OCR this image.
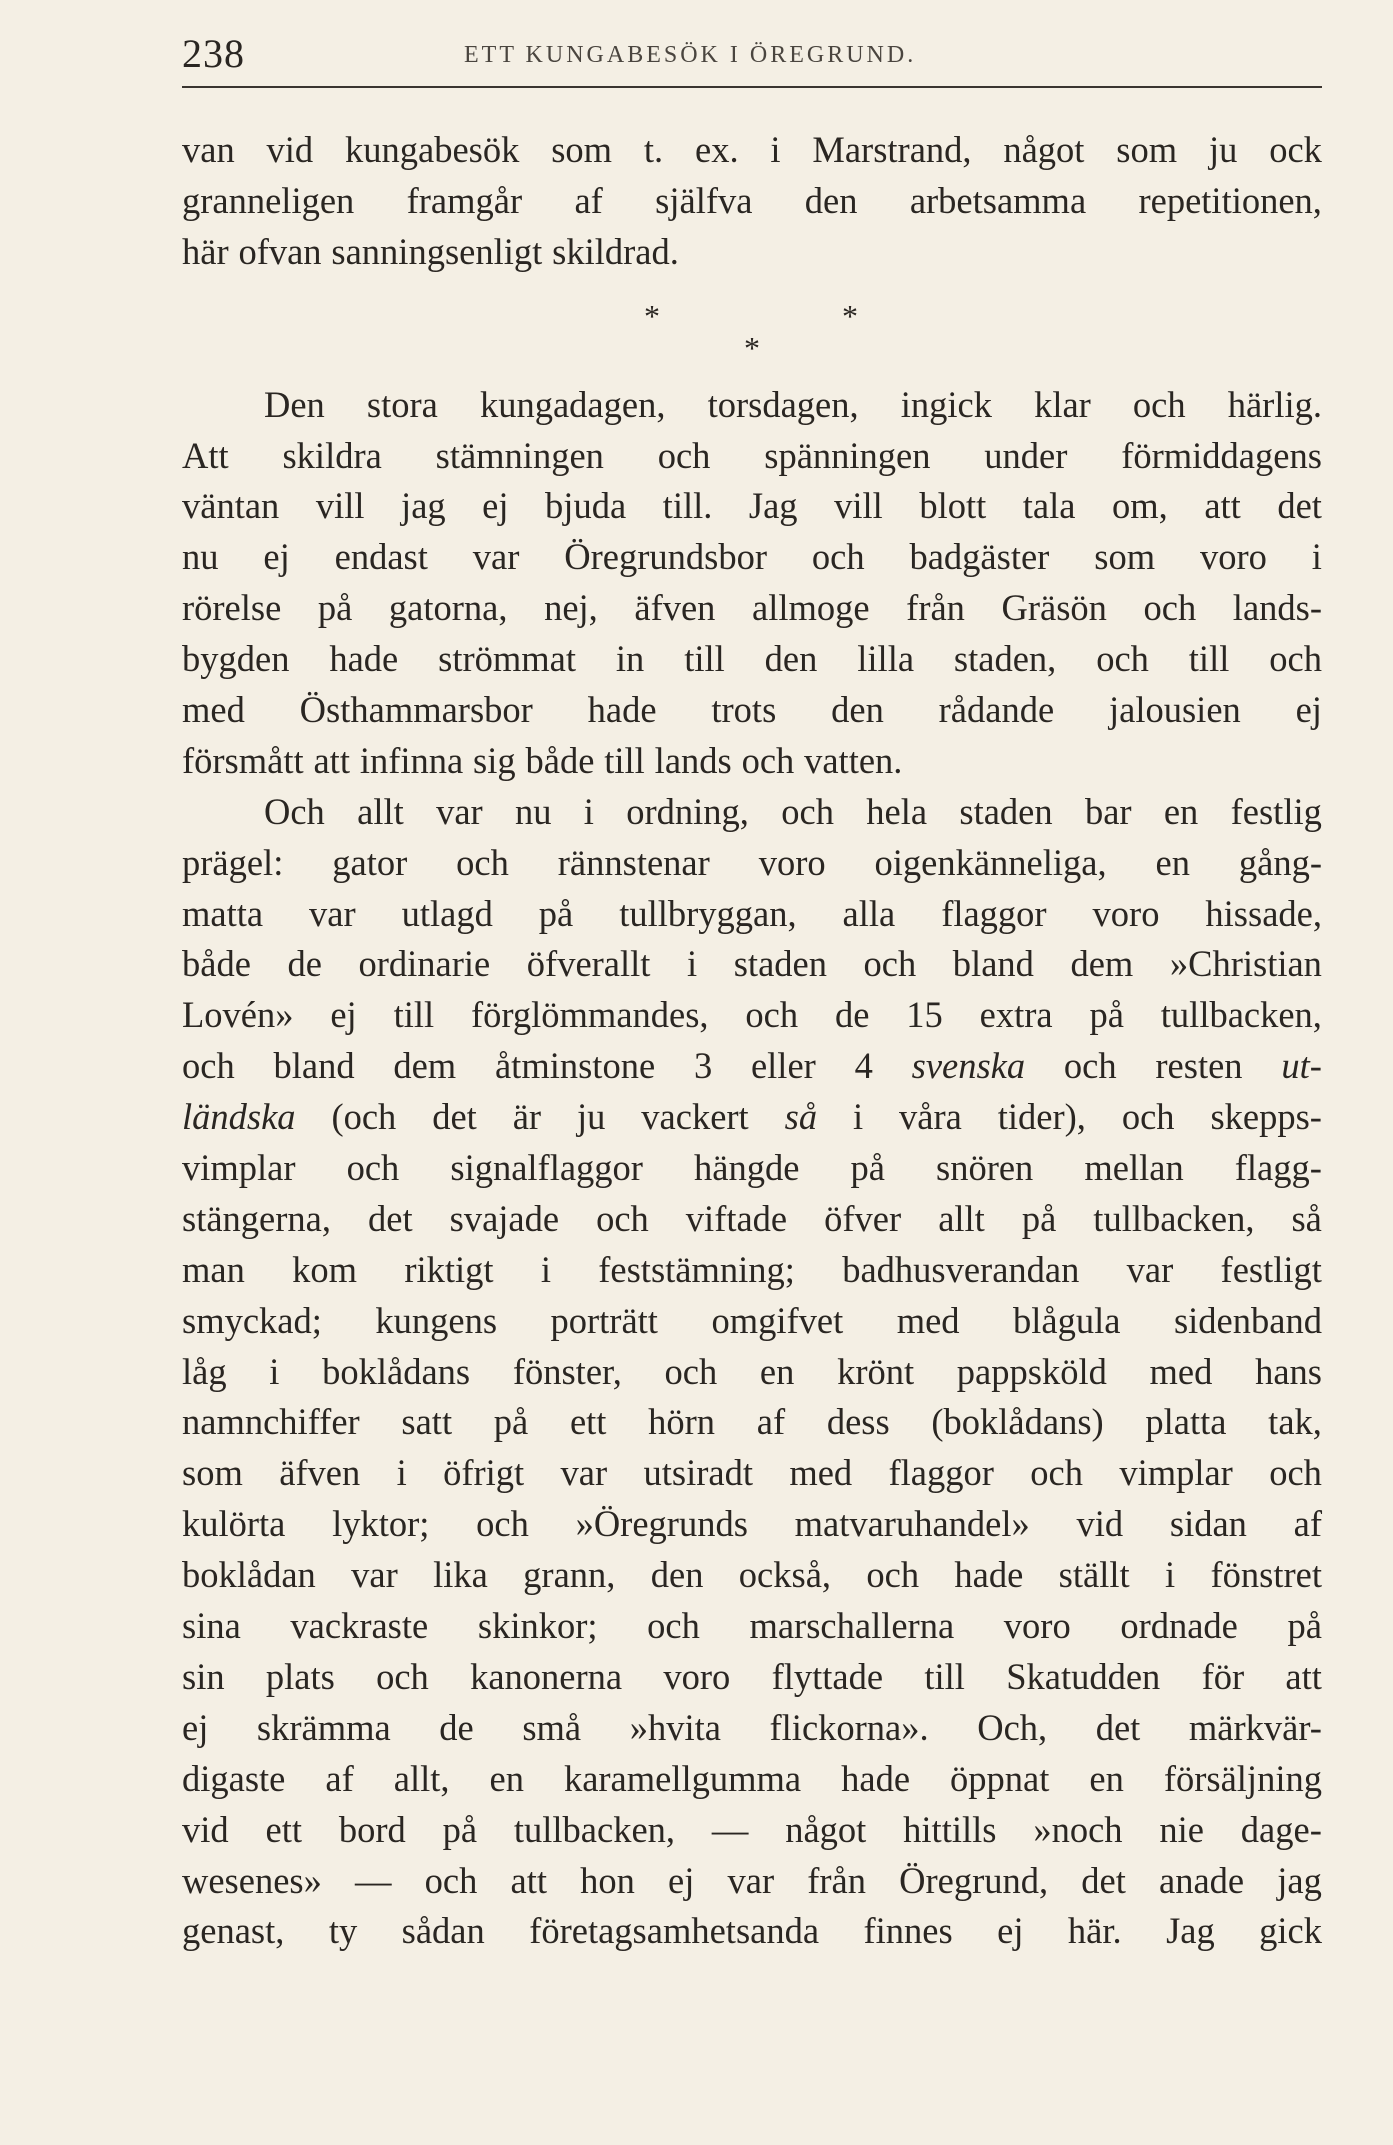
238	ETT KUNGABESÖK I ÖREGRUND.
van vid kungabesök som t. ex. i Marstrand, något som ju ock
granneligen framgår af själfva den arbetsamma repetitionen,
här ofvan sanningsenligt skildrad.
*	*
*
Den stora kungadagen, torsdagen, ingick klar och härlig.
Att skildra stämningen och spänningen under förmiddagens
väntan vill jag ej bjuda till. Jag vill blott tala om, att det
nu ej endast var Öregrundsbor och badgäster som voro i
rörelse på gatorna, nej, äfven allmoge från Gräsön och lands-
bygden hade strömmat in till den lilla staden, och till och
med Östhammarsbor hade trots den rådande jalousien ej
försmått att infinna sig både till lands och vatten.
Och allt var nu i ordning, och hela staden bar en festlig
prägel: gator och rännstenar voro oigenkänneliga, en gång-
matta var utlagd på tullbryggan, alla flaggor voro hissade,
både de ordinarie öfverallt i staden och bland dem »Christian
Lovén» ej till förglömmandes, och de 15 extra på tullbacken,
och bland dem åtminstone 3 eller 4 svenska och resten ut-
ländska (och det är ju vackert så i våra tider), och skepps-
vimplar och signalflaggor hängde på snören mellan flagg-
stängerna, det svajade och viftade öfver allt på tullbacken, så
man kom riktigt i feststämning; badhusverandan var festligt
smyckad; kungens porträtt omgifvet med blågula sidenband
låg i boklådans fönster, och en krönt pappsköld med hans
namnchiffer satt på ett hörn af dess (boklådans) platta tak,
som äfven i öfrigt var utsiradt med flaggor och vimplar och
kulörta lyktor; och »Öregrunds matvaruhandel» vid sidan af
boklådan var lika grann, den också, och hade ställt i fönstret
sina vackraste skinkor; och marschallerna voro ordnade på
sin plats och kanonerna voro flyttade till Skatudden för att
ej skrämma de små »hvita flickorna». Och, det märkvär-
digaste af allt, en karamellgumma hade öppnat en försäljning
vid ett bord på tullbacken, — något hittills »noch nie dage-
wesenes» — och att hon ej var från Öregrund, det anade jag
genast, ty sådan företagsamhetsanda finnes ej här. Jag gick
